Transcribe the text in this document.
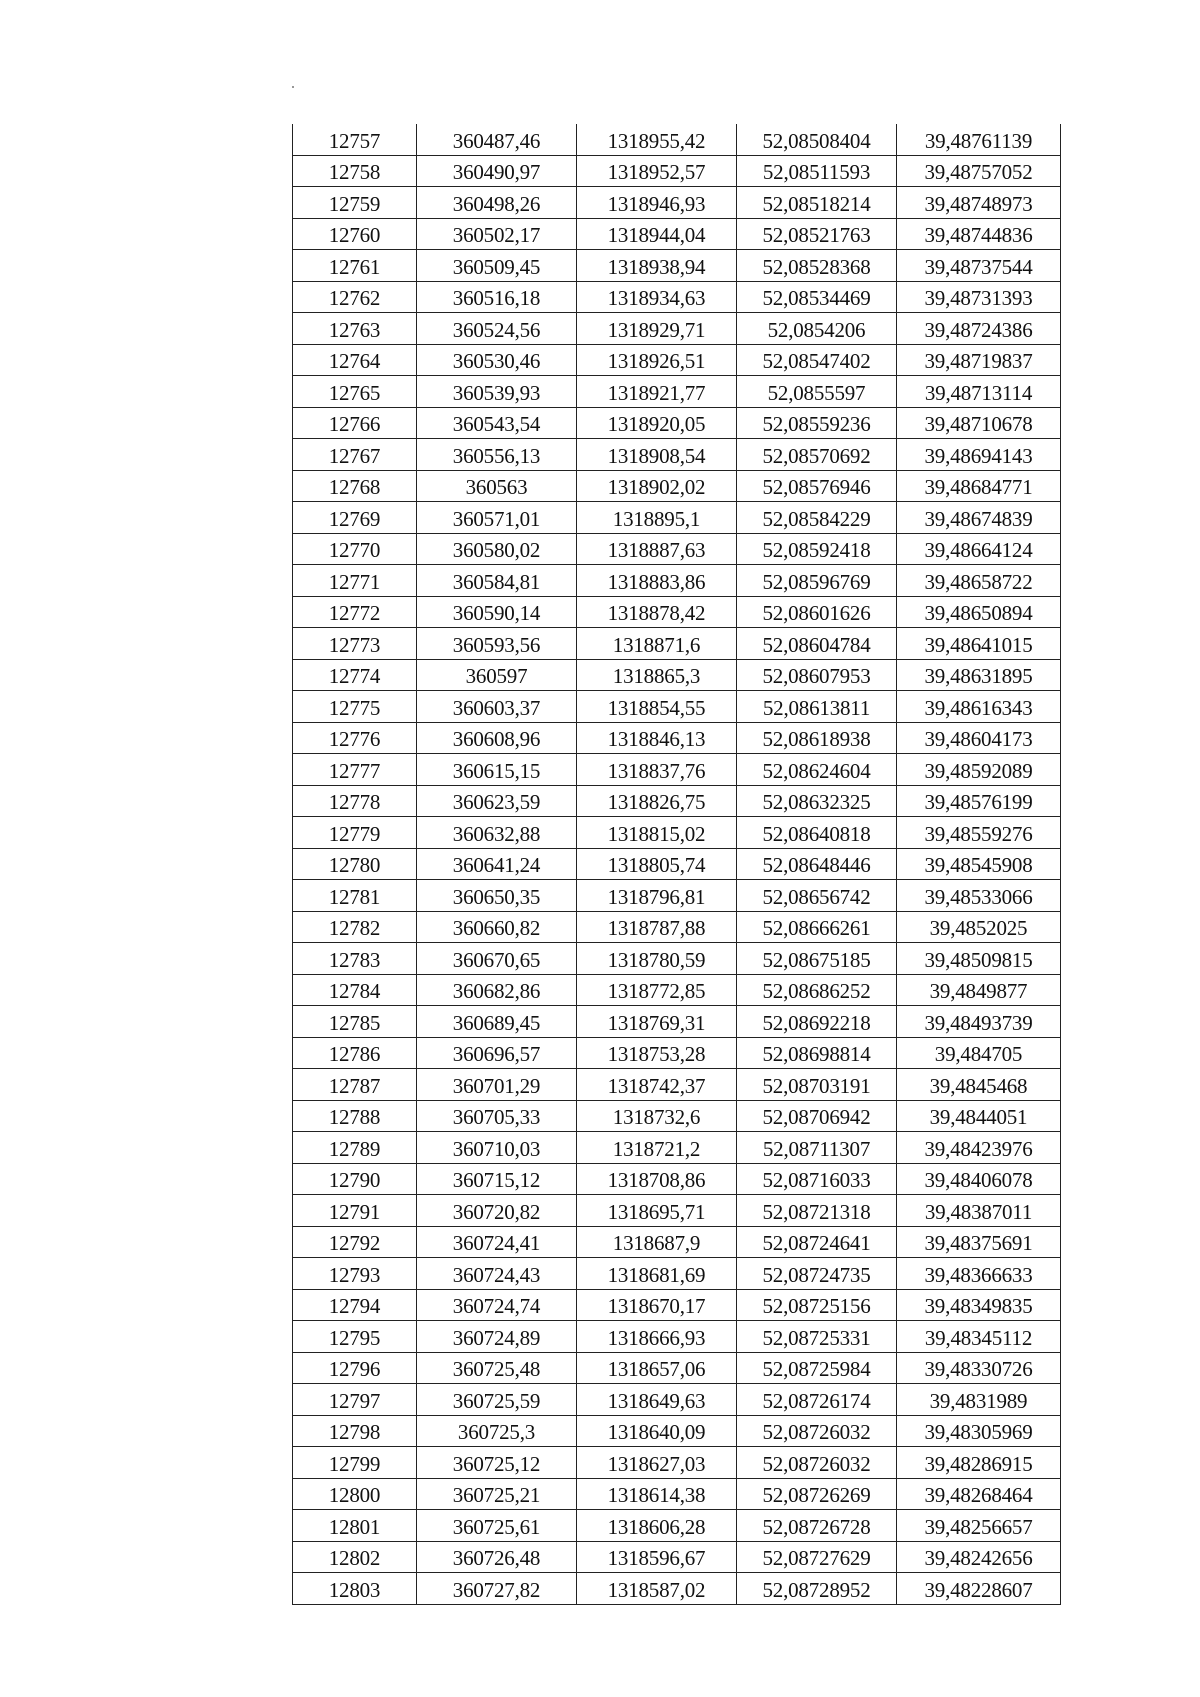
12757	360487,46	1318955,42	52,08508404	39,48761139
12758	360490,97	1318952,57	52,08511593	39,48757052
12759	360498,26	1318946,93	52,08518214	39,48748973
12760	360502,17	1318944,04	52,08521763	39,48744836
12761	360509,45	1318938,94	52,08528368	39,48737544
12762	360516,18	1318934,63	52,08534469	39,48731393
12763	360524,56	1318929,71	52,0854206	39,48724386
12764	360530,46	1318926,51	52,08547402	39,48719837
12765	360539,93	1318921,77	52,0855597	39,48713114
12766	360543,54	1318920,05	52,08559236	39,48710678
12767	360556,13	1318908,54	52,08570692	39,48694143
12768	360563	1318902,02	52,08576946	39,48684771
12769	360571,01	1318895,1	52,08584229	39,48674839
12770	360580,02	1318887,63	52,08592418	39,48664124
12771	360584,81	1318883,86	52,08596769	39,48658722
12772	360590,14	1318878,42	52,08601626	39,48650894
12773	360593,56	1318871,6	52,08604784	39,48641015
12774	360597	1318865,3	52,08607953	39,48631895
12775	360603,37	1318854,55	52,08613811	39,48616343
12776	360608,96	1318846,13	52,08618938	39,48604173
12777	360615,15	1318837,76	52,08624604	39,48592089
12778	360623,59	1318826,75	52,08632325	39,48576199
12779	360632,88	1318815,02	52,08640818	39,48559276
12780	360641,24	1318805,74	52,08648446	39,48545908
12781	360650,35	1318796,81	52,08656742	39,48533066
12782	360660,82	1318787,88	52,08666261	39,4852025
12783	360670,65	1318780,59	52,08675185	39,48509815
12784	360682,86	1318772,85	52,08686252	39,4849877
12785	360689,45	1318769,31	52,08692218	39,48493739
12786	360696,57	1318753,28	52,08698814	39,484705
12787	360701,29	1318742,37	52,08703191	39,4845468
12788	360705,33	1318732,6	52,08706942	39,4844051
12789	360710,03	1318721,2	52,08711307	39,48423976
12790	360715,12	1318708,86	52,08716033	39,48406078
12791	360720,82	1318695,71	52,08721318	39,48387011
12792	360724,41	1318687,9	52,08724641	39,48375691
12793	360724,43	1318681,69	52,08724735	39,48366633
12794	360724,74	1318670,17	52,08725156	39,48349835
12795	360724,89	1318666,93	52,08725331	39,48345112
12796	360725,48	1318657,06	52,08725984	39,48330726
12797	360725,59	1318649,63	52,08726174	39,4831989
12798	360725,3	1318640,09	52,08726032	39,48305969
12799	360725,12	1318627,03	52,08726032	39,48286915
12800	360725,21	1318614,38	52,08726269	39,48268464
12801	360725,61	1318606,28	52,08726728	39,48256657
12802	360726,48	1318596,67	52,08727629	39,48242656
12803	360727,82	1318587,02	52,08728952	39,48228607
